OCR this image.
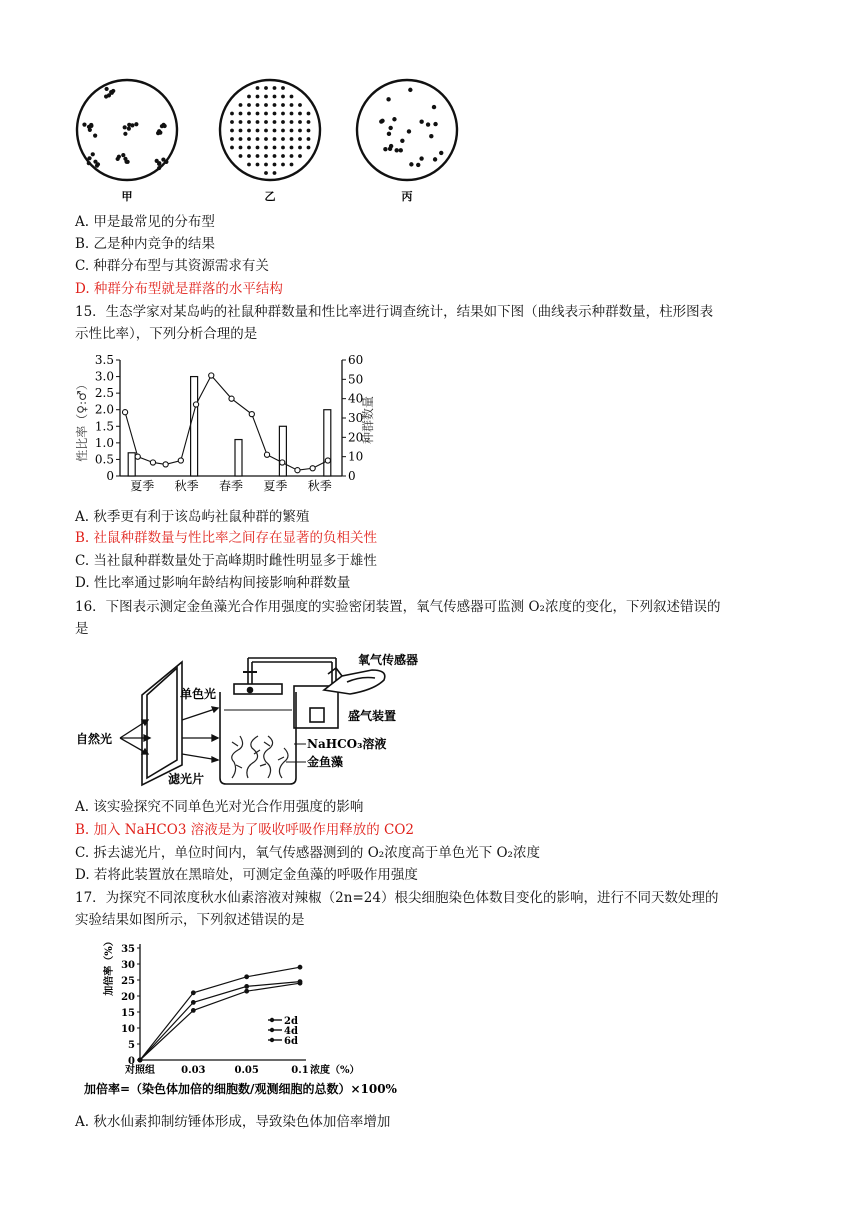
甲	乙	丙
A. 甲是最常见的分布型
B. 乙是种内竞争的结果
C. 种群分布型与其资源需求有关
D. 种群分布型就是群落的水平结构
15．生态学家对某岛屿的社鼠种群数量和性比率进行调查统计，结果如下图（曲线表示种群数量，柱形图表
示性比率），下列分析合理的是
0
0.5
1.0
1.5
2.0
2.5
3.0
3.5
0
10
20
30
40
50
60
夏季 秋季 春季 夏季 秋季
性比率（♀:♂）	种群数量
A. 秋季更有利于该岛屿社鼠种群的繁殖
B. 社鼠种群数量与性比率之间存在显著的负相关性
C. 当社鼠种群数量处于高峰期时雌性明显多于雄性
D. 性比率通过影响年龄结构间接影响种群数量
16．下图表示测定金鱼藻光合作用强度的实验密闭装置，氧气传感器可监测 O₂浓度的变化，下列叙述错误的
是
自然光
单色光
滤光片
氧气传感器
盛气装置
NaHCO₃溶液
金鱼藻
A. 该实验探究不同单色光对光合作用强度的影响
B. 加入 NaHCO3 溶液是为了吸收呼吸作用释放的 CO2
C. 拆去滤光片，单位时间内，氧气传感器测到的 O₂浓度高于单色光下 O₂浓度
D. 若将此装置放在黑暗处，可测定金鱼藻的呼吸作用强度
17．为探究不同浓度秋水仙素溶液对辣椒（2n=24）根尖细胞染色体数目变化的影响，进行不同天数处理的
实验结果如图所示，下列叙述错误的是
0
5
10
15
20
25
30
35
对照组	0.03	0.05	0.1
2d
4d
6d
加倍率（%）
浓度（%）
加倍率=（染色体加倍的细胞数/观测细胞的总数）×100%
A. 秋水仙素抑制纺锤体形成，导致染色体加倍率增加
